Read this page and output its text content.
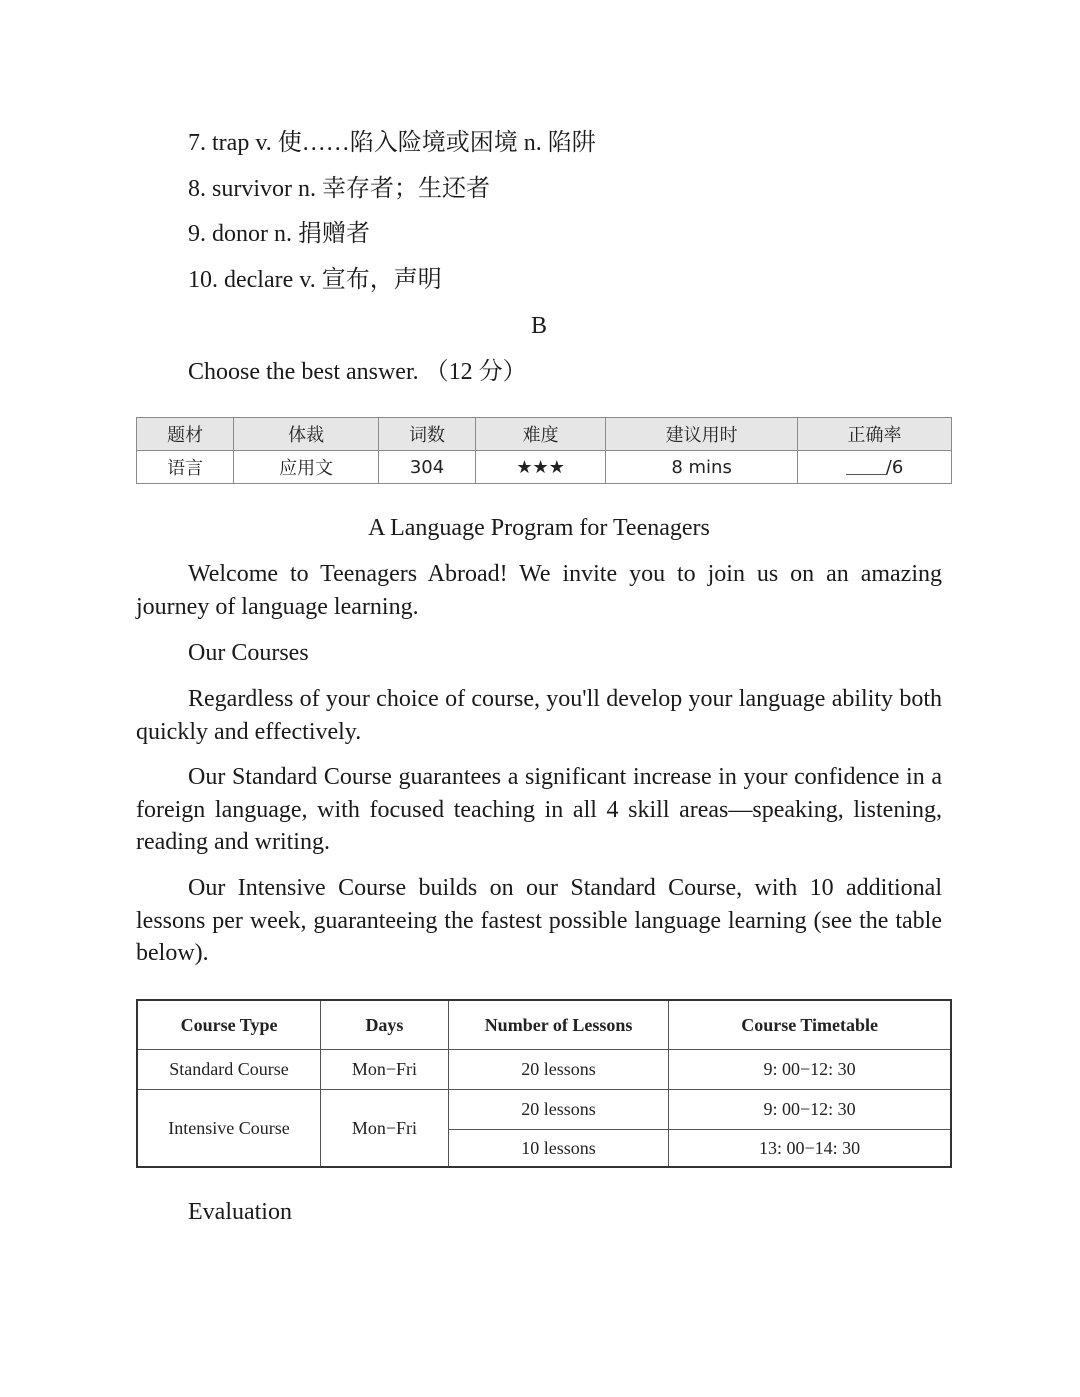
7. trap v. 使……陷入险境或困境 n. 陷阱
8. survivor n. 幸存者；生还者
9. donor n. 捐赠者
10. declare v. 宣布，声明
B
Choose the best answer. （12 分）
题材	体裁	词数	难度	建议用时	正确率
语言	应用文	304	★★★	8 mins	/6
A Language Program for Teenagers
Welcome to Teenagers Abroad! We invite you to join us on an amazing journey of language learning.
Our Courses
Regardless of your choice of course, you'll develop your language ability both quickly and effectively.
Our Standard Course guarantees a significant increase in your confidence in a foreign language, with focused teaching in all 4 skill areas—speaking, listening, reading and writing.
Our Intensive Course builds on our Standard Course, with 10 additional lessons per week, guaranteeing the fastest possible language learning (see the table below).
Course Type	Days	Number of Lessons	Course Timetable
Standard Course	Mon−Fri	20 lessons	9: 00−12: 30
Intensive Course	Mon−Fri	20 lessons	9: 00−12: 30
		10 lessons	13: 00−14: 30
Evaluation
